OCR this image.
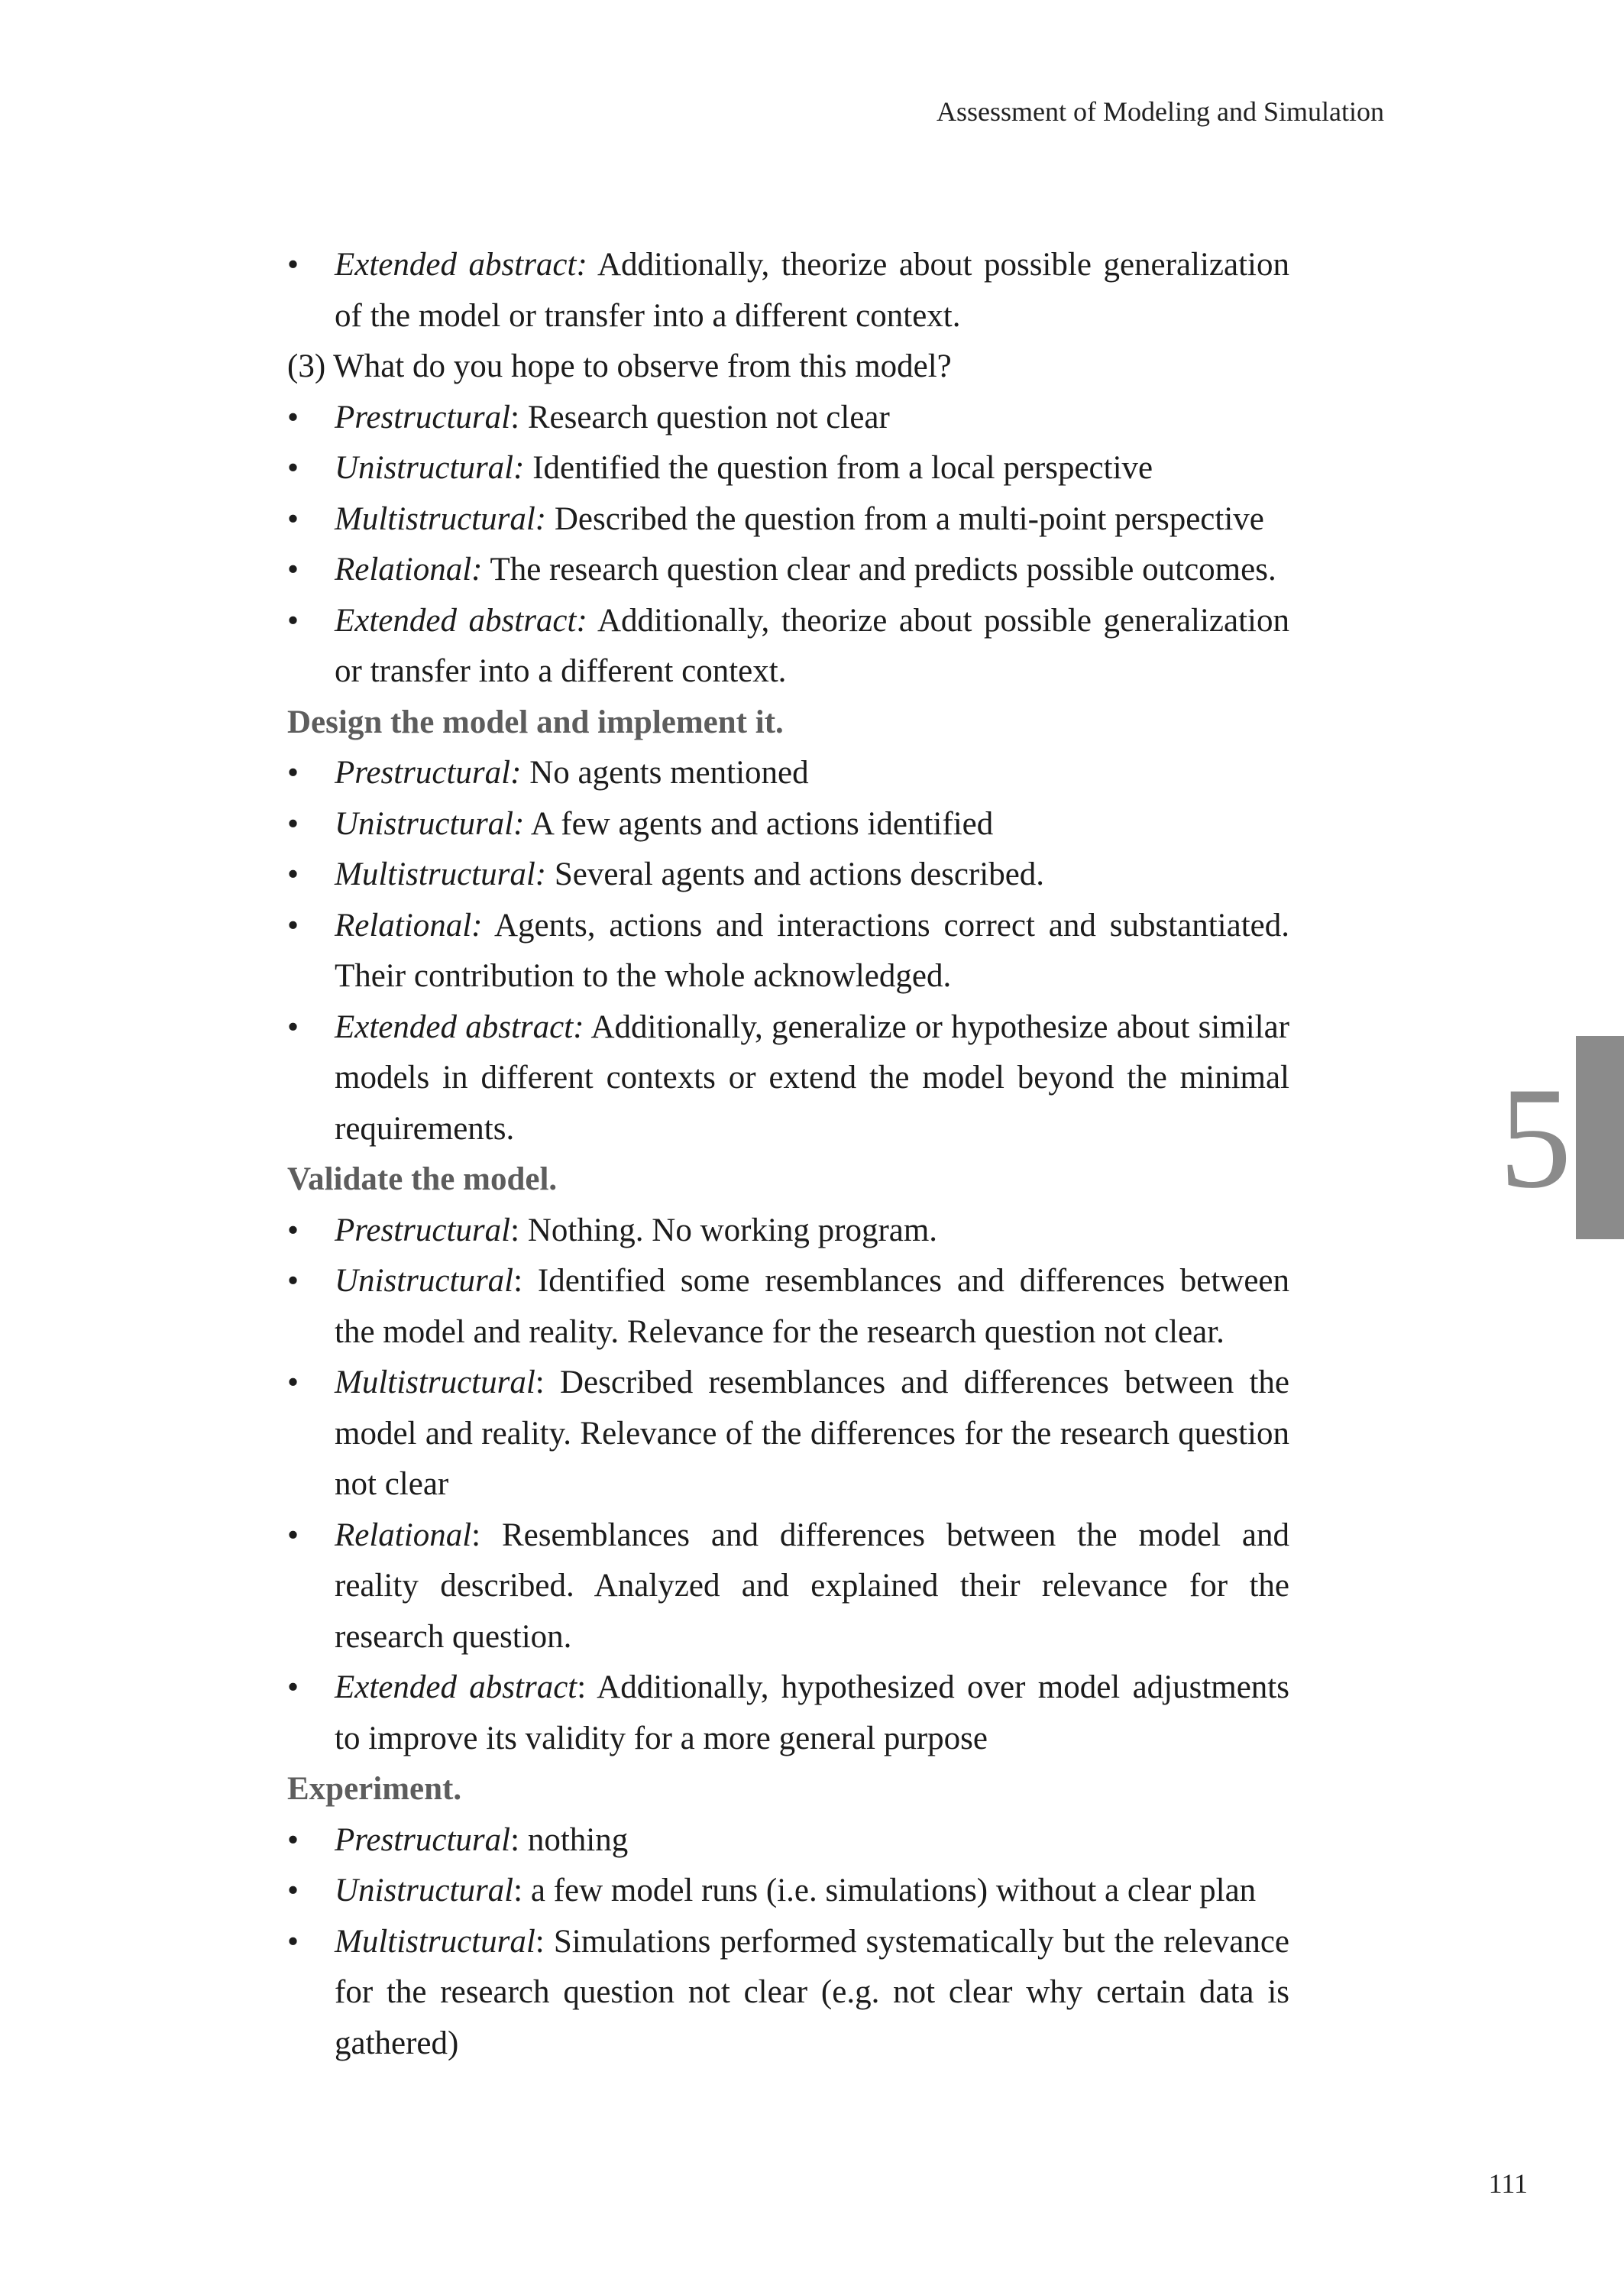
Assessment of Modeling and Simulation
• Extended abstract: Additionally, theorize about possible generalization of the model or transfer into a different context.
(3) What do you hope to observe from this model?
• Prestructural: Research question not clear
• Unistructural: Identified the question from a local perspective
• Multistructural: Described the question from a multi-point perspective
• Relational: The research question clear and predicts possible outcomes.
• Extended abstract: Additionally, theorize about possible generalization or transfer into a different context.
Design the model and implement it.
• Prestructural: No agents mentioned
• Unistructural: A few agents and actions identified
• Multistructural: Several agents and actions described.
• Relational: Agents, actions and interactions correct and substantiated. Their contribution to the whole acknowledged.
• Extended abstract: Additionally, generalize or hypothesize about similar models in different contexts or extend the model beyond the minimal requirements.
Validate the model.
• Prestructural: Nothing. No working program.
• Unistructural: Identified some resemblances and differences between the model and reality. Relevance for the research question not clear.
• Multistructural: Described resemblances and differences between the model and reality. Relevance of the differences for the research question not clear
• Relational: Resemblances and differences between the model and reality described. Analyzed and explained their relevance for the research question.
• Extended abstract: Additionally, hypothesized over model adjustments to improve its validity for a more general purpose
Experiment.
• Prestructural: nothing
• Unistructural: a few model runs (i.e. simulations) without a clear plan
• Multistructural: Simulations performed systematically but the relevance for the research question not clear (e.g. not clear why certain data is gathered)
5
111
